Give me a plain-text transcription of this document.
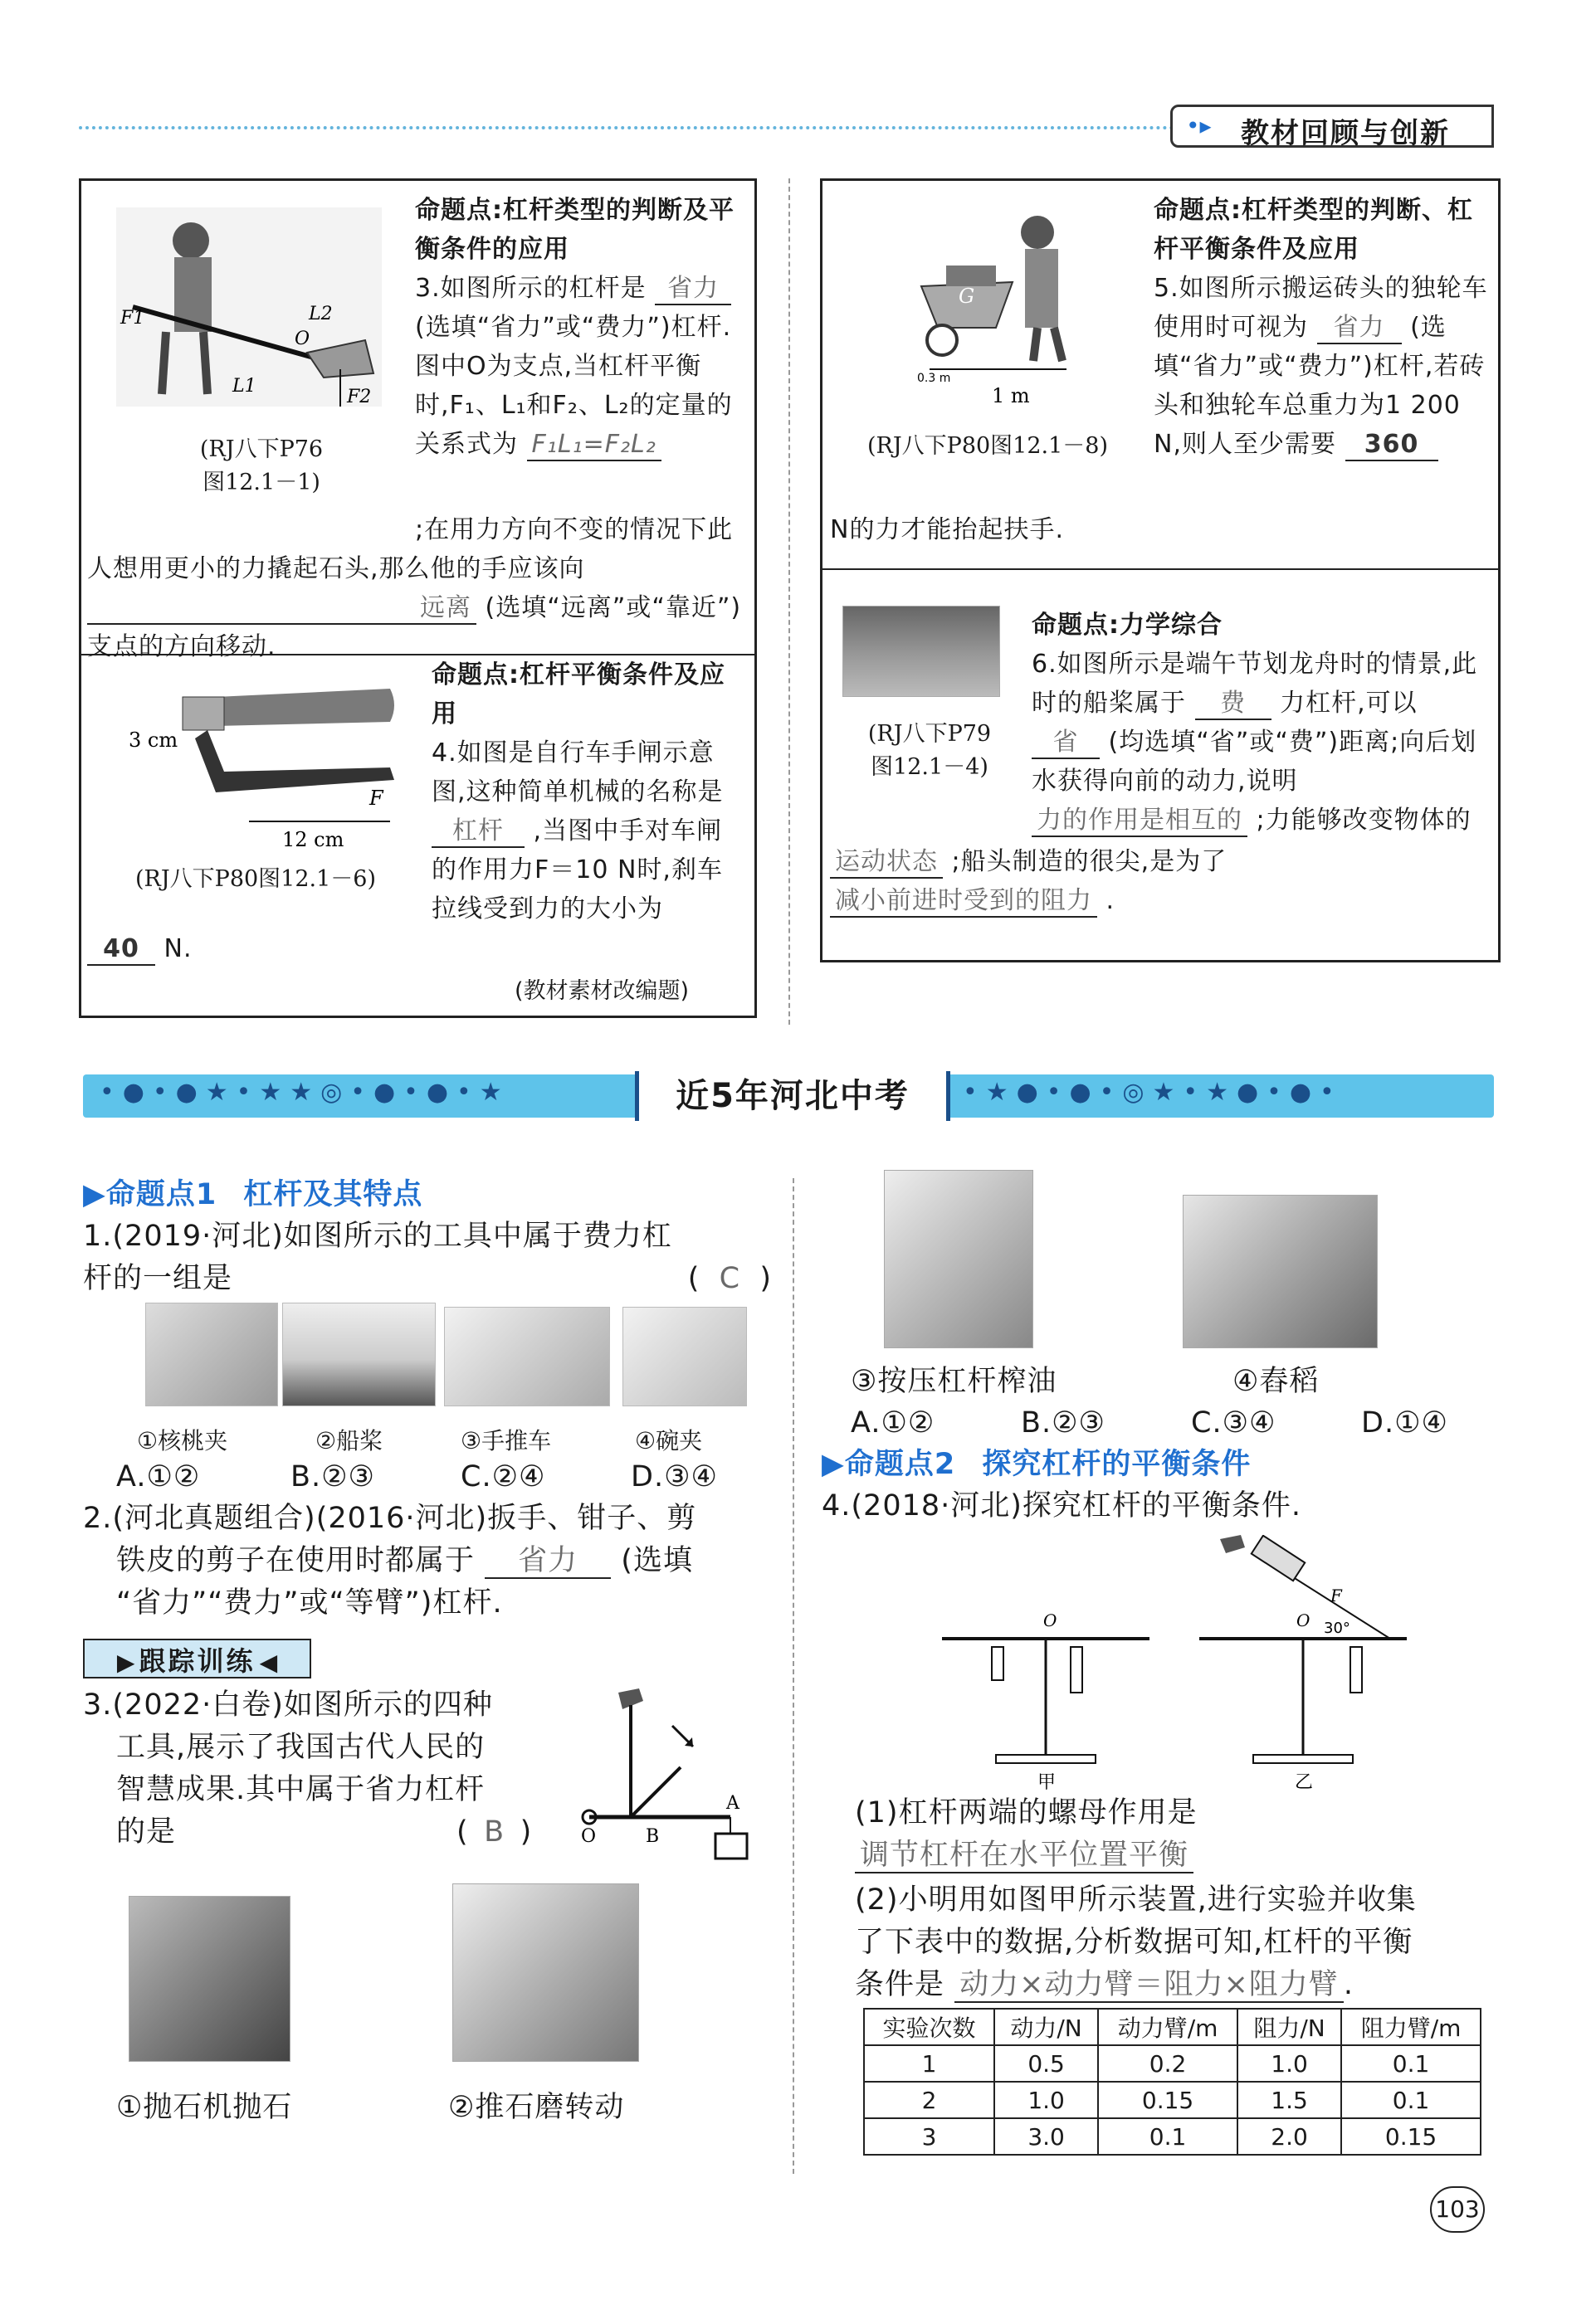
•▸ 教材回顾与创新
F1	L2
O
L1
F2
(RJ八下P76
图12.1－1)
命题点:杠杆类型的判断及平衡条件的应用
3.如图所示的杠杆是 省力 (选填“省力”或“费力”)杠杆.图中O为支点,当杠杆平衡时,F₁、L₁和F₂、L₂的定量的关系式为 F₁L₁=F₂L₂
;在用力方向不变的情况下此人想用更小的力撬起石头,那么他的手应该向 远离 (选填“远离”或“靠近”)支点的方向移动.
3 cm
12 cm
F
(RJ八下P80图12.1－6)
命题点:杠杆平衡条件及应用
4.如图是自行车手闸示意图,这种简单机械的名称是 杠杆 ,当图中手对车闸的作用力F＝10 N时,刹车拉线受到力的大小为
40 N.
(教材素材改编题)
G
0.3 m
1 m
(RJ八下P80图12.1－8)
命题点:杠杆类型的判断、杠杆平衡条件及应用
5.如图所示搬运砖头的独轮车使用时可视为 省力 (选填“省力”或“费力”)杠杆,若砖头和独轮车总重力为1 200 N,则人至少需要 360
N的力才能抬起扶手.
(RJ八下P79
图12.1－4)
命题点:力学综合
6.如图所示是端午节划龙舟时的情景,此时的船桨属于 费 力杠杆,可以 省 (均选填“省”或“费”)距离;向后划水获得向前的动力,说明 力的作用是相互的 ;力能够改变物体的
运动状态 ;船头制造的很尖,是为了 减小前进时受到的阻力 .
•●•●★•★★◎•●•●•★	•★●•●•◎★•★●•●•
近5年河北中考
▶命题点1 杠杆及其特点
1.(2019·河北)如图所示的工具中属于费力杠
杆的一组是	( C )
①核桃夹	②船桨	③手推车	④碗夹
A.①②	B.②③	C.②④	D.③④
2.(河北真题组合)(2016·河北)扳手、钳子、剪
铁皮的剪子在使用时都属于 省力 (选填
“省力”“费力”或“等臂”)杠杆.
▶ 跟踪训练 ◀
3.(2022·白卷)如图所示的四种
工具,展示了我国古代人民的
智慧成果.其中属于省力杠杆
的是	( B )	O
A
B
①抛石机抛石	②推石磨转动
③按压杠杆榨油	④舂稻
A.①②	B.②③	C.③④	D.①④
▶命题点2 探究杠杆的平衡条件
4.(2018·河北)探究杠杆的平衡条件.
O	O
F
30°
甲	乙
(1)杠杆两端的螺母作用是 调节杠杆在水平位置平衡
(2)小明用如图甲所示装置,进行实验并收集
了下表中的数据,分析数据可知,杠杆的平衡
条件是 动力×动力臂＝阻力×阻力臂 .
实验次数	动力/N	动力臂/m	阻力/N	阻力臂/m
1	0.5	0.2	1.0	0.1
2	1.0	0.15	1.5	0.1
3	3.0	0.1	2.0	0.15
103
